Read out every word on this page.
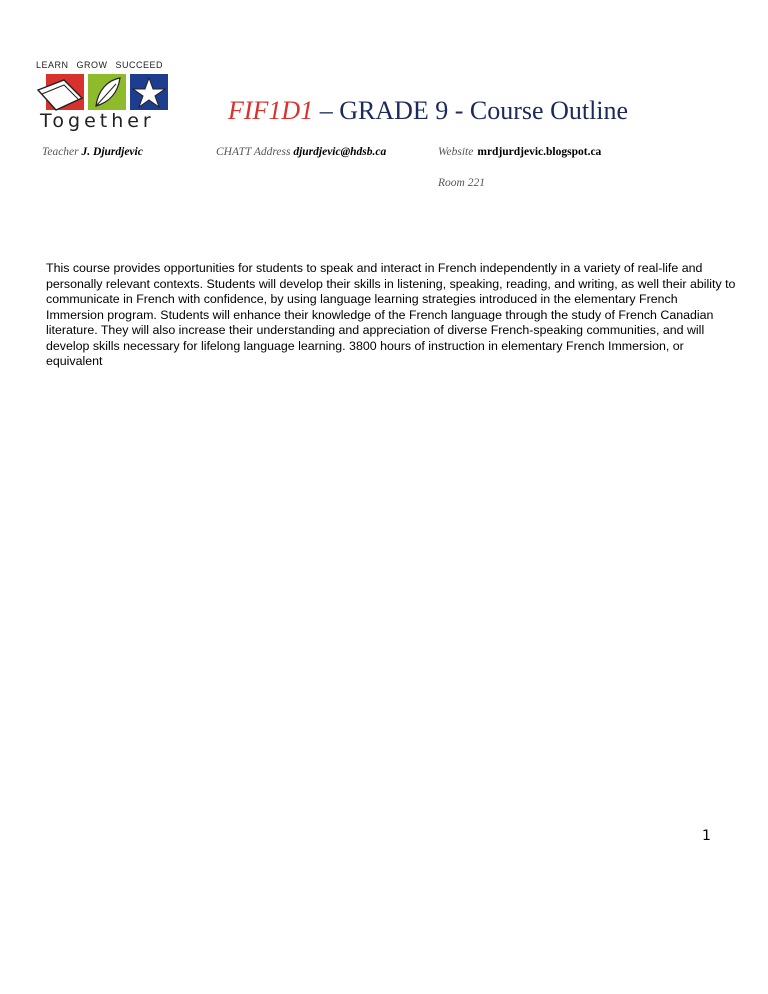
LEARN GROW SUCCEED
Together	FIF1D1 – GRADE 9 - Course Outline
Teacher J. Djurdjevic	CHATT Address djurdjevic@hdsb.ca	Website mrdjurdjevic.blogspot.ca
Room 221

This course provides opportunities for students to speak and interact in French independently in a variety of real-life and personally relevant contexts. Students will develop their skills in listening, speaking, reading, and writing, as well their ability to communicate in French with confidence, by using language learning strategies introduced in the elementary French Immersion program. Students will enhance their knowledge of the French language through the study of French Canadian literature. They will also increase their understanding and appreciation of diverse French-speaking communities, and will develop skills necessary for lifelong language learning. 3800 hours of instruction in elementary French Immersion, or equivalent

1
